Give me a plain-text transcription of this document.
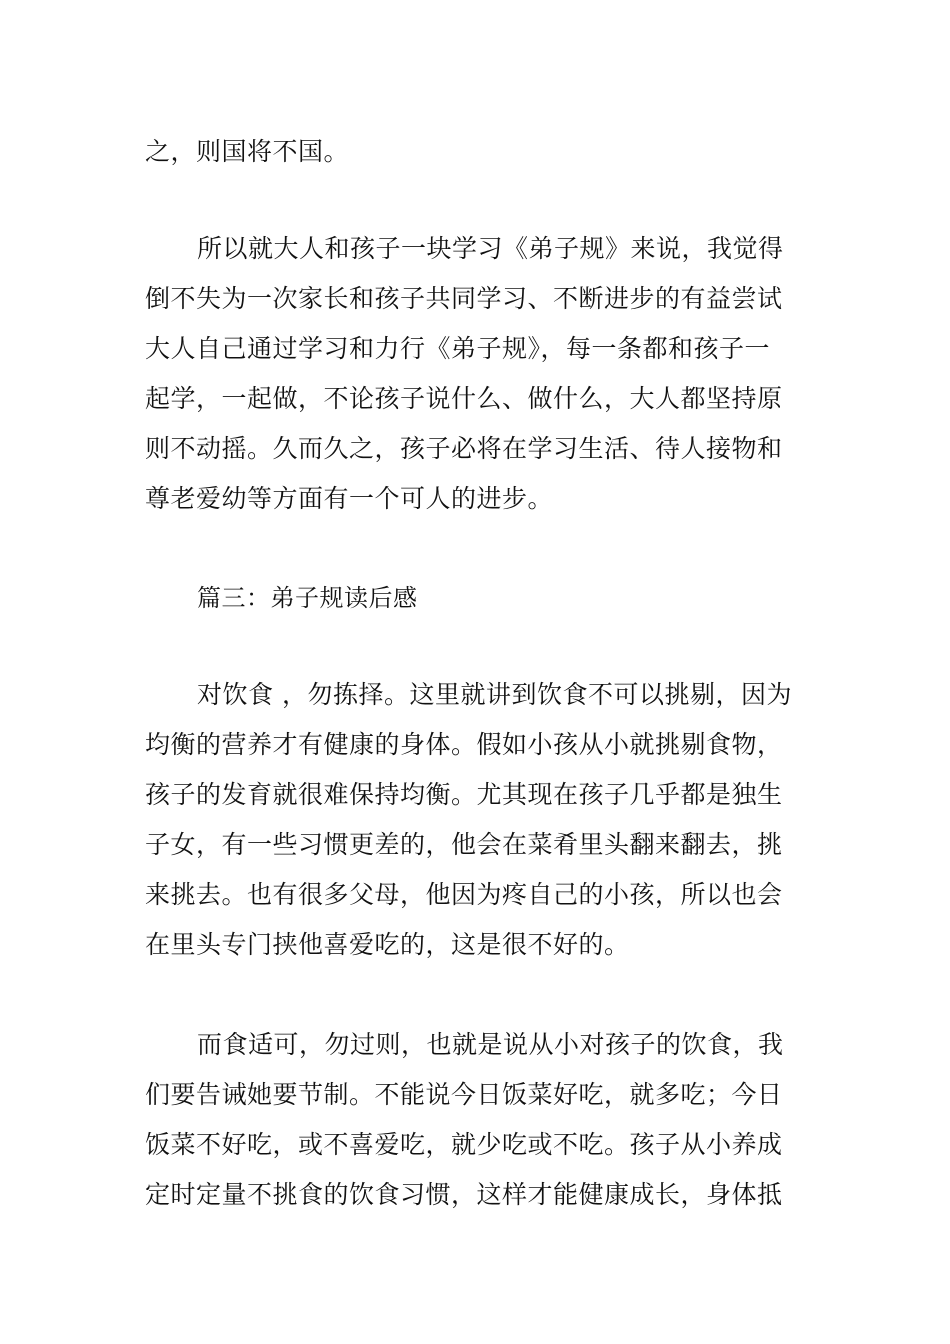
之，则国将不国。
所以就大人和孩子一块学习《弟子规》来说，我觉得
倒不失为一次家长和孩子共同学习、不断进步的有益尝试
大人自己通过学习和力行《弟子规》，每一条都和孩子一
起学，一起做，不论孩子说什么、做什么，大人都坚持原
则不动摇。久而久之，孩子必将在学习生活、待人接物和
尊老爱幼等方面有一个可人的进步。
篇三：弟子规读后感
对饮食 ，勿拣择。这里就讲到饮食不可以挑剔，因为
均衡的营养才有健康的身体。假如小孩从小就挑剔食物，
孩子的发育就很难保持均衡。尤其现在孩子几乎都是独生
子女，有一些习惯更差的，他会在菜肴里头翻来翻去，挑
来挑去。也有很多父母，他因为疼自己的小孩，所以也会
在里头专门挟他喜爱吃的，这是很不好的。
而食适可，勿过则，也就是说从小对孩子的饮食，我
们要告诫她要节制。不能说今日饭菜好吃，就多吃；今日
饭菜不好吃，或不喜爱吃，就少吃或不吃。孩子从小养成
定时定量不挑食的饮食习惯，这样才能健康成长，身体抵
